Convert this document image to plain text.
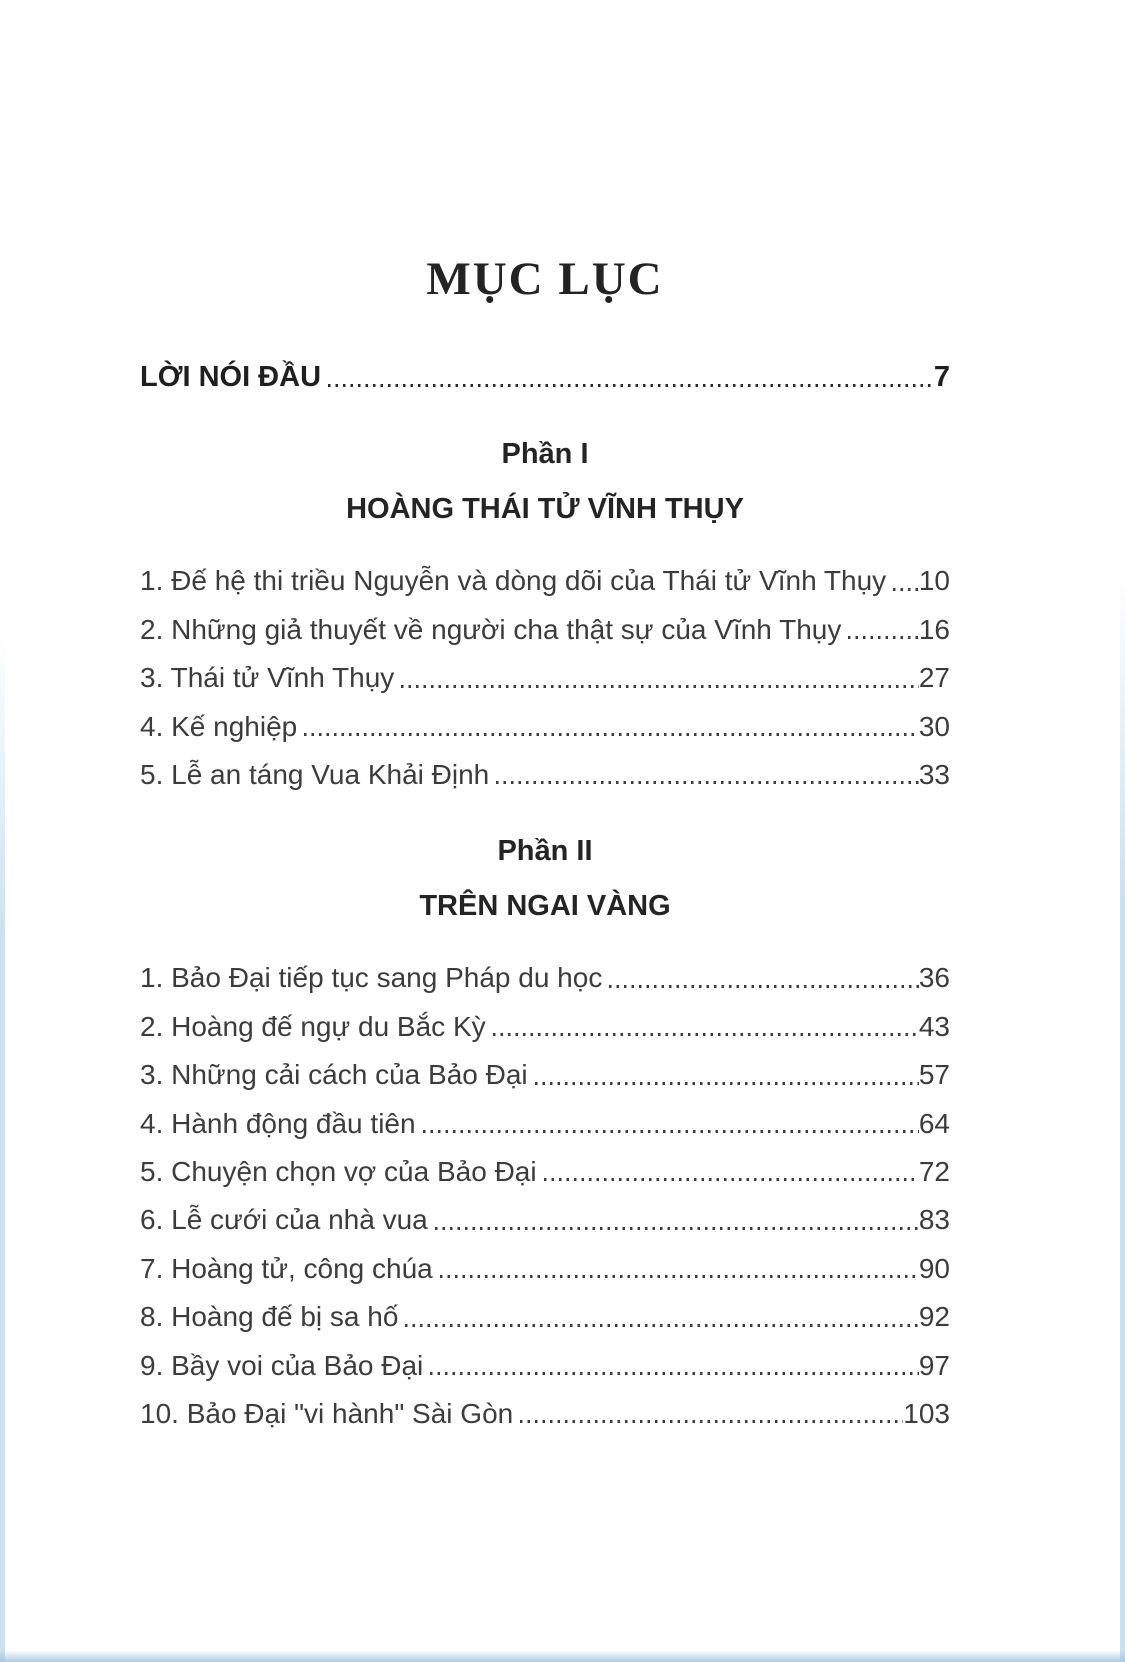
MỤC LỤC
LỜI NÓI ĐẦU	7
Phần I
HOÀNG THÁI TỬ VĨNH THỤY
1. Đế hệ thi triều Nguyễn và dòng dõi của Thái tử Vĩnh Thụy 10
2. Những giả thuyết về người cha thật sự của Vĩnh Thụy	16
3. Thái tử Vĩnh Thụy	27
4. Kế nghiệp	30
5. Lễ an táng Vua Khải Định	33
Phần II
TRÊN NGAI VÀNG
1. Bảo Đại tiếp tục sang Pháp du học	36
2. Hoàng đế ngự du Bắc Kỳ	43
3. Những cải cách của Bảo Đại	57
4. Hành động đầu tiên	64
5. Chuyện chọn vợ của Bảo Đại	72
6. Lễ cưới của nhà vua	83
7. Hoàng tử, công chúa	90
8. Hoàng đế bị sa hố	92
9. Bầy voi của Bảo Đại	97
10. Bảo Đại "vi hành" Sài Gòn	103
